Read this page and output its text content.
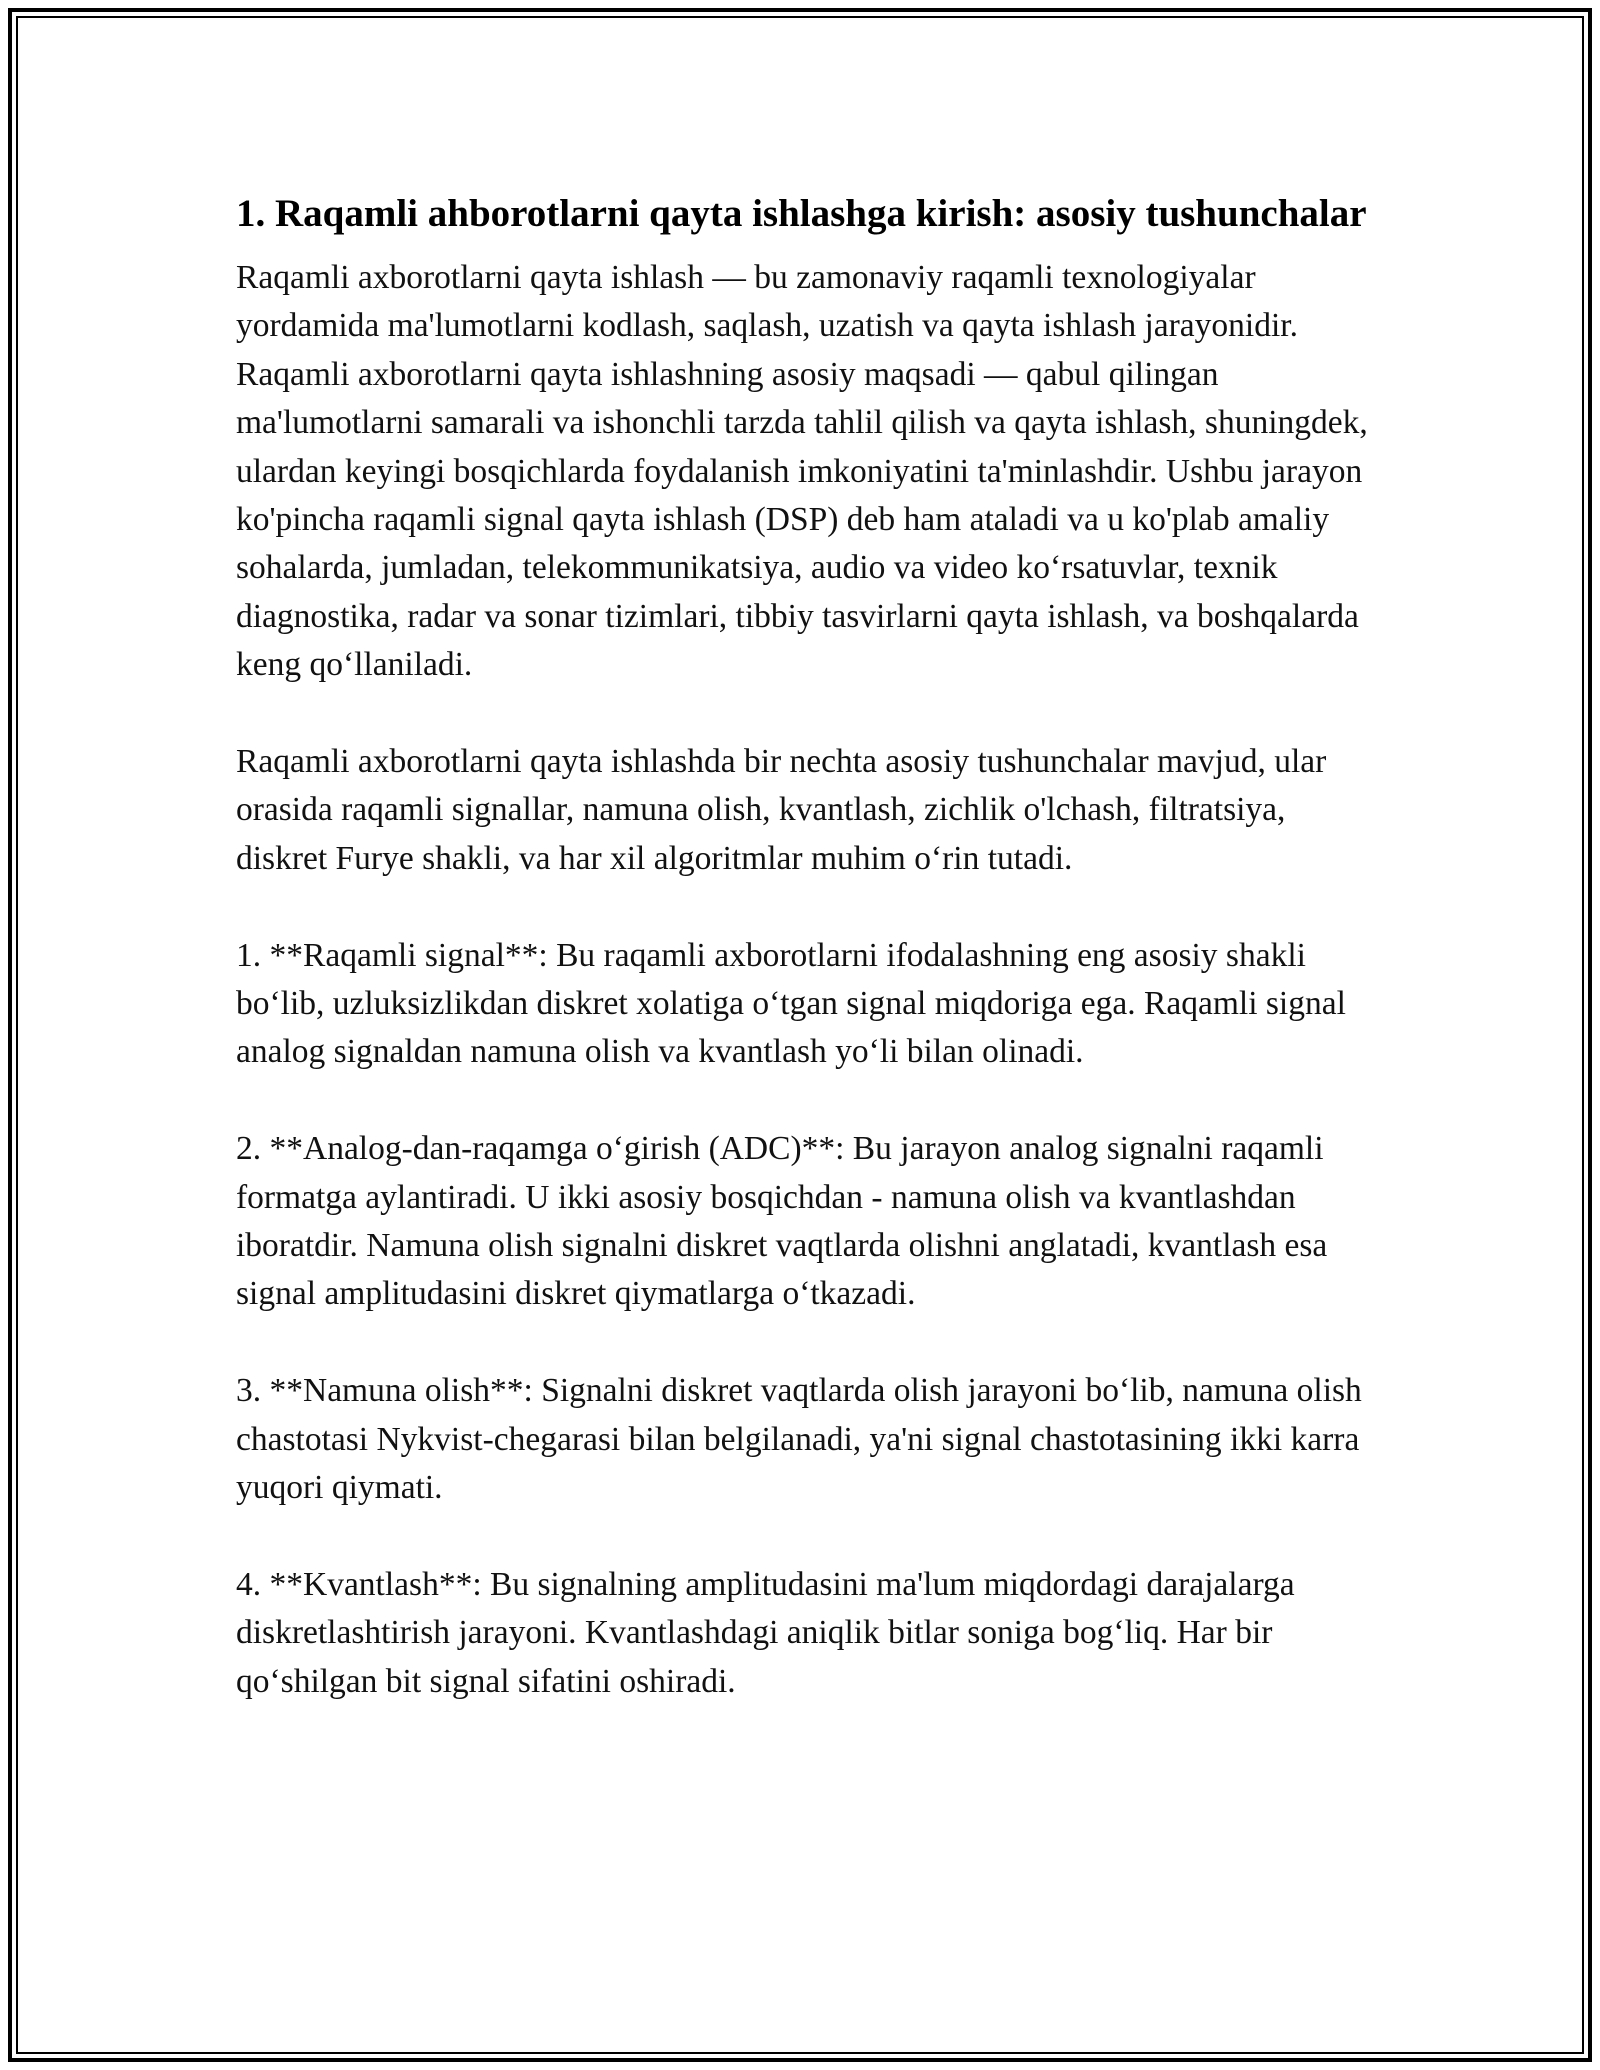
1. Raqamli ahborotlarni qayta ishlashga kirish: asosiy tushunchalar

Raqamli axborotlarni qayta ishlash — bu zamonaviy raqamli texnologiyalar yordamida ma'lumotlarni kodlash, saqlash, uzatish va qayta ishlash jarayonidir. Raqamli axborotlarni qayta ishlashning asosiy maqsadi — qabul qilingan ma'lumotlarni samarali va ishonchli tarzda tahlil qilish va qayta ishlash, shuningdek, ulardan keyingi bosqichlarda foydalanish imkoniyatini ta'minlashdir. Ushbu jarayon ko'pincha raqamli signal qayta ishlash (DSP) deb ham ataladi va u ko'plab amaliy sohalarda, jumladan, telekommunikatsiya, audio va video koʻrsatuvlar, texnik diagnostika, radar va sonar tizimlari, tibbiy tasvirlarni qayta ishlash, va boshqalarda keng qoʻllaniladi.

Raqamli axborotlarni qayta ishlashda bir nechta asosiy tushunchalar mavjud, ular orasida raqamli signallar, namuna olish, kvantlash, zichlik o'lchash, filtratsiya, diskret Furye shakli, va har xil algoritmlar muhim oʻrin tutadi.

1. **Raqamli signal**: Bu raqamli axborotlarni ifodalashning eng asosiy shakli boʻlib, uzluksizlikdan diskret xolatiga oʻtgan signal miqdoriga ega. Raqamli signal analog signaldan namuna olish va kvantlash yoʻli bilan olinadi.

2. **Analog-dan-raqamga oʻgirish (ADC)**: Bu jarayon analog signalni raqamli formatga aylantiradi. U ikki asosiy bosqichdan - namuna olish va kvantlashdan iboratdir. Namuna olish signalni diskret vaqtlarda olishni anglatadi, kvantlash esa signal amplitudasini diskret qiymatlarga oʻtkazadi.

3. **Namuna olish**: Signalni diskret vaqtlarda olish jarayoni boʻlib, namuna olish chastotasi Nykvist-chegarasi bilan belgilanadi, ya'ni signal chastotasining ikki karra yuqori qiymati.

4. **Kvantlash**: Bu signalning amplitudasini ma'lum miqdordagi darajalarga diskretlashtirish jarayoni. Kvantlashdagi aniqlik bitlar soniga bogʻliq. Har bir qoʻshilgan bit signal sifatini oshiradi.
